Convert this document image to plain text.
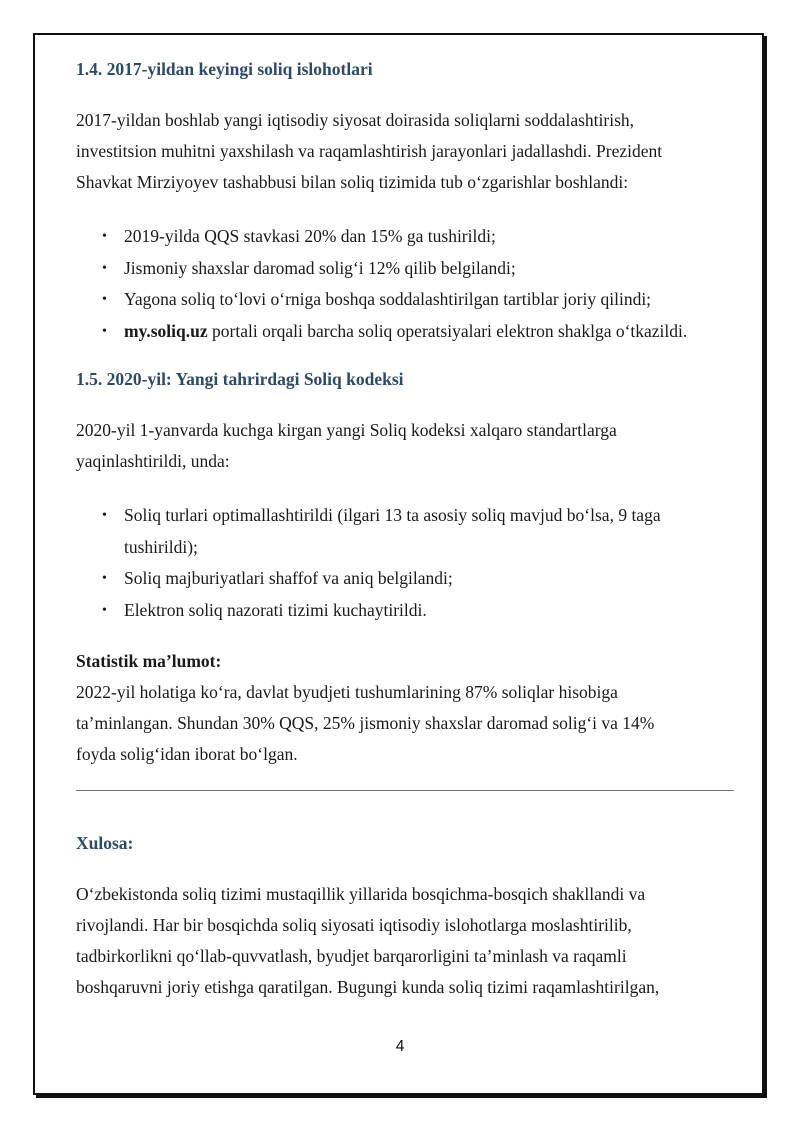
1.4. 2017-yildan keyingi soliq islohotlari

2017-yildan boshlab yangi iqtisodiy siyosat doirasida soliqlarni soddalashtirish,
investitsion muhitni yaxshilash va raqamlashtirish jarayonlari jadallashdi. Prezident
Shavkat Mirziyoyev tashabbusi bilan soliq tizimida tub oʻzgarishlar boshlandi:

• 2019-yilda QQS stavkasi 20% dan 15% ga tushirildi;
• Jismoniy shaxslar daromad soligʻi 12% qilib belgilandi;
• Yagona soliq toʻlovi oʻrniga boshqa soddalashtirilgan tartiblar joriy qilindi;
• my.soliq.uz portali orqali barcha soliq operatsiyalari elektron shaklga oʻtkazildi.
1.5. 2020-yil: Yangi tahrirdagi Soliq kodeksi

2020-yil 1-yanvarda kuchga kirgan yangi Soliq kodeksi xalqaro standartlarga
yaqinlashtirildi, unda:

• Soliq turlari optimallashtirildi (ilgari 13 ta asosiy soliq mavjud boʻlsa, 9 taga
tushirildi);
• Soliq majburiyatlari shaffof va aniq belgilandi;
• Elektron soliq nazorati tizimi kuchaytirildi.

Statistik maʼlumot:
2022-yil holatiga koʻra, davlat byudjeti tushumlarining 87% soliqlar hisobiga
taʼminlangan. Shundan 30% QQS, 25% jismoniy shaxslar daromad soligʻi va 14%
foyda soligʻidan iborat boʻlgan.

Xulosa:

Oʻzbekistonda soliq tizimi mustaqillik yillarida bosqichma-bosqich shakllandi va
rivojlandi. Har bir bosqichda soliq siyosati iqtisodiy islohotlarga moslashtirilib,
tadbirkorlikni qoʻllab-quvvatlash, byudjet barqarorligini taʼminlash va raqamli
boshqaruvni joriy etishga qaratilgan. Bugungi kunda soliq tizimi raqamlashtirilgan,

4
